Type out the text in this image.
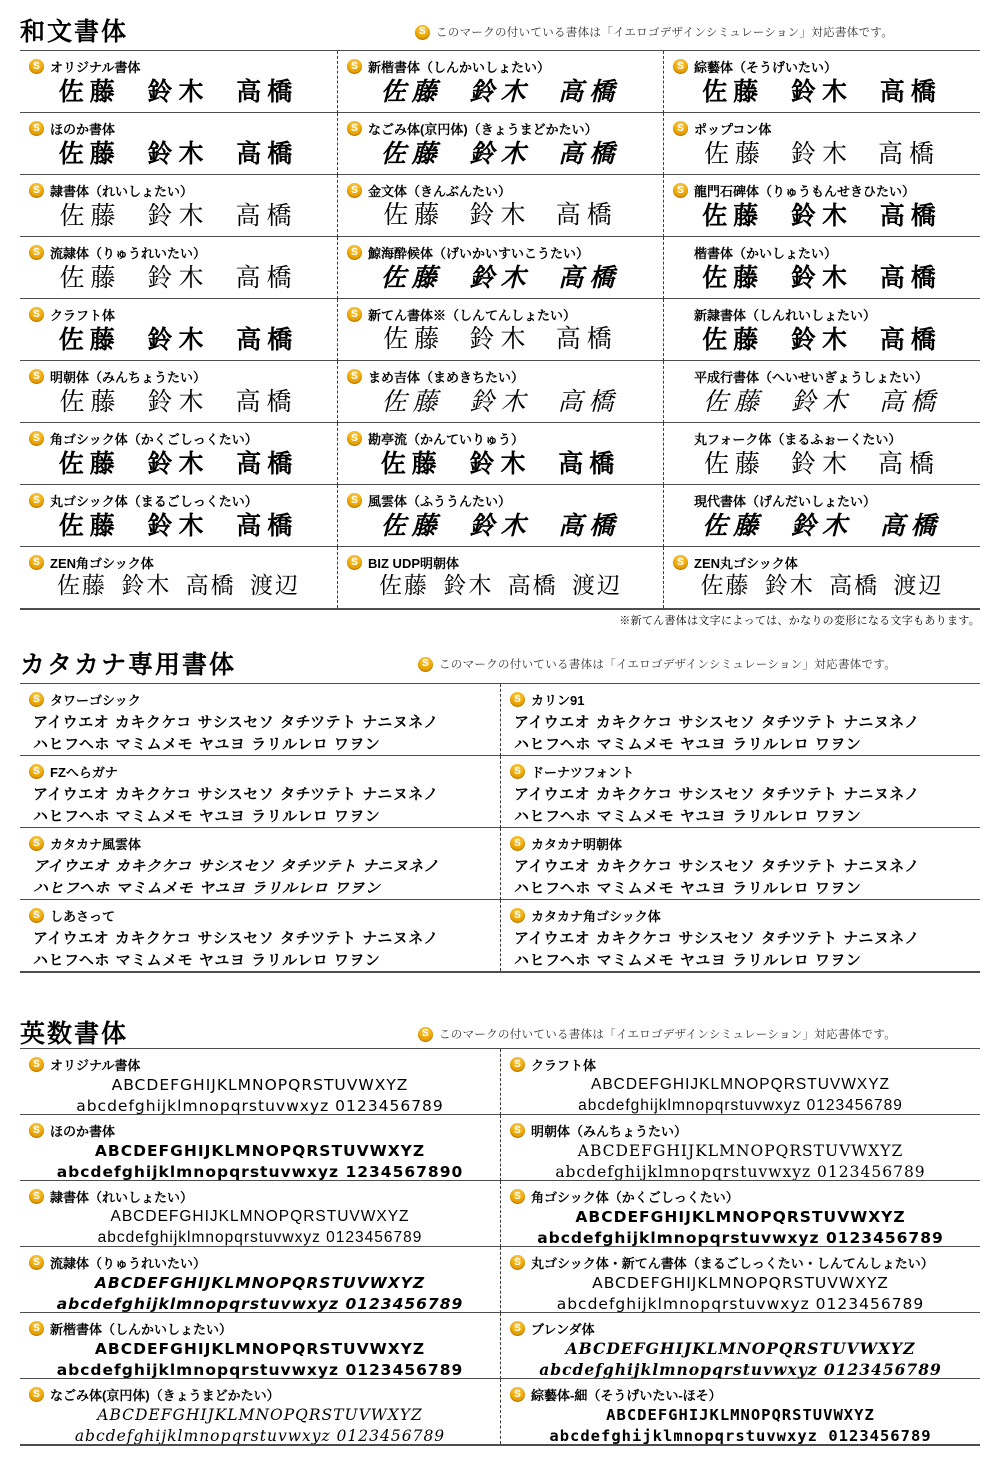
和文書体	S このマークの付いている書体は「イエロゴデザインシミュレーション」対応書体です。
S オリジナル書体
佐藤 鈴木 高橋
S 新楷書体（しんかいしょたい）
佐藤 鈴木 高橋
S 綜藝体（そうげいたい）
佐藤 鈴木 高橋
S ほのか書体
佐藤 鈴木 高橋
S なごみ体(京円体)（きょうまどかたい）
佐藤 鈴木 高橋
S ポップコン体
佐藤 鈴木 高橋
S 隷書体（れいしょたい）
佐藤 鈴木 高橋
S 金文体（きんぶんたい）
佐藤 鈴木 高橋
S 龍門石碑体（りゅうもんせきひたい）
佐藤 鈴木 高橋
S 流隷体（りゅうれいたい）
佐藤 鈴木 高橋
S 鯨海酔候体（げいかいすいこうたい）
佐藤 鈴木 高橋
楷書体（かいしょたい）
佐藤 鈴木 高橋
S クラフト体
佐藤 鈴木 高橋
S 新てん書体※（しんてんしょたい）
佐藤 鈴木 高橋
新隷書体（しんれいしょたい）
佐藤 鈴木 高橋
S 明朝体（みんちょうたい）
佐藤 鈴木 高橋
S まめ吉体（まめきちたい）
佐藤 鈴木 高橋
平成行書体（へいせいぎょうしょたい）
佐藤 鈴木 高橋
S 角ゴシック体（かくごしっくたい）
佐藤 鈴木 高橋
S 勘亭流（かんていりゅう）
佐藤 鈴木 高橋
丸フォーク体（まるふぉーくたい）
佐藤 鈴木 高橋
S 丸ゴシック体（まるごしっくたい）
佐藤 鈴木 高橋
S 風雲体（ふううんたい）
佐藤 鈴木 高橋
現代書体（げんだいしょたい）
佐藤 鈴木 高橋
S ZEN角ゴシック体
佐藤 鈴木 高橋 渡辺
S BIZ UDP明朝体
佐藤 鈴木 高橋 渡辺
S ZEN丸ゴシック体
佐藤 鈴木 高橋 渡辺
※新てん書体は文字によっては、かなりの変形になる文字もあります。
カタカナ専用書体	S このマークの付いている書体は「イエロゴデザインシミュレーション」対応書体です。
S タワーゴシック
アイウエオ カキクケコ サシスセソ タチツテト ナニヌネノ
ハヒフヘホ マミムメモ ヤユヨ ラリルレロ ワヲン
S カリン91
アイウエオ カキクケコ サシスセソ タチツテト ナニヌネノ
ハヒフヘホ マミムメモ ヤユヨ ラリルレロ ワヲン
S FZへらガナ
アイウエオ カキクケコ サシスセソ タチツテト ナニヌネノ
ハヒフヘホ マミムメモ ヤユヨ ラリルレロ ワヲン
S ドーナツフォント
アイウエオ カキクケコ サシスセソ タチツテト ナニヌネノ
ハヒフヘホ マミムメモ ヤユヨ ラリルレロ ワヲン
S カタカナ風雲体
アイウエオ カキクケコ サシスセソ タチツテト ナニヌネノ
ハヒフヘホ マミムメモ ヤユヨ ラリルレロ ワヲン
S カタカナ明朝体
アイウエオ カキクケコ サシスセソ タチツテト ナニヌネノ
ハヒフヘホ マミムメモ ヤユヨ ラリルレロ ワヲン
S しあさって
アイウエオ カキクケコ サシスセソ タチツテト ナニヌネノ
ハヒフヘホ マミムメモ ヤユヨ ラリルレロ ワヲン
S カタカナ角ゴシック体
アイウエオ カキクケコ サシスセソ タチツテト ナニヌネノ
ハヒフヘホ マミムメモ ヤユヨ ラリルレロ ワヲン
英数書体	S このマークの付いている書体は「イエロゴデザインシミュレーション」対応書体です。
S オリジナル書体
ABCDEFGHIJKLMNOPQRSTUVWXYZ
abcdefghijklmnopqrstuvwxyz 0123456789
S クラフト体
ABCDEFGHIJKLMNOPQRSTUVWXYZ
abcdefghijklmnopqrstuvwxyz 0123456789
S ほのか書体
ABCDEFGHIJKLMNOPQRSTUVWXYZ
abcdefghijklmnopqrstuvwxyz 1234567890
S 明朝体（みんちょうたい）
ABCDEFGHIJKLMNOPQRSTUVWXYZ
abcdefghijklmnopqrstuvwxyz 0123456789
S 隷書体（れいしょたい）
ABCDEFGHIJKLMNOPQRSTUVWXYZ
abcdefghijklmnopqrstuvwxyz 0123456789
S 角ゴシック体（かくごしっくたい）
ABCDEFGHIJKLMNOPQRSTUVWXYZ
abcdefghijklmnopqrstuvwxyz 0123456789
S 流隷体（りゅうれいたい）
ABCDEFGHIJKLMNOPQRSTUVWXYZ
abcdefghijklmnopqrstuvwxyz 0123456789
S 丸ゴシック体・新てん書体（まるごしっくたい・しんてんしょたい）
ABCDEFGHIJKLMNOPQRSTUVWXYZ
abcdefghijklmnopqrstuvwxyz 0123456789
S 新楷書体（しんかいしょたい）
ABCDEFGHIJKLMNOPQRSTUVWXYZ
abcdefghijklmnopqrstuvwxyz 0123456789
S ブレンダ体
ABCDEFGHIJKLMNOPQRSTUVWXYZ
abcdefghijklmnopqrstuvwxyz 0123456789
S なごみ体(京円体)（きょうまどかたい）
ABCDEFGHIJKLMNOPQRSTUVWXYZ
abcdefghijklmnopqrstuvwxyz 0123456789
S 綜藝体-細（そうげいたい-ほそ）
ABCDEFGHIJKLMNOPQRSTUVWXYZ
abcdefghijklmnopqrstuvwxyz 0123456789
